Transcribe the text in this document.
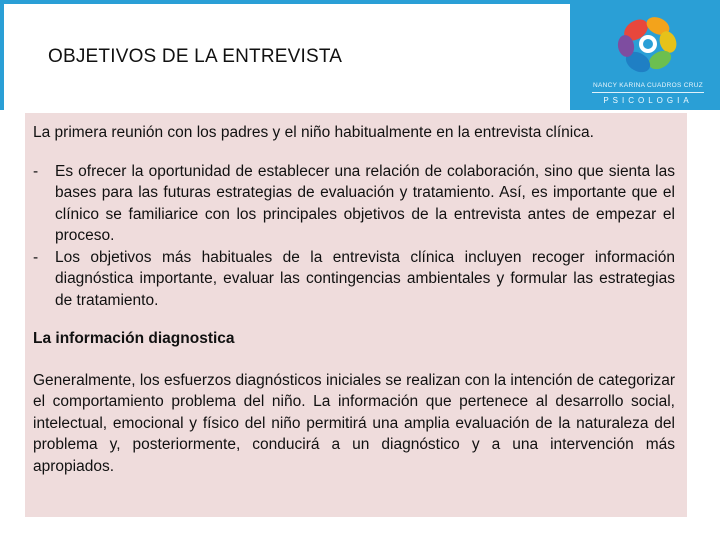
OBJETIVOS DE LA ENTREVISTA
NANCY KARINA CUADROS CRUZ
PSICOLOGIA

La primera reunión con los padres y el niño habitualmente en la entrevista clínica.

- Es ofrecer la oportunidad de establecer una relación de colaboración, sino que sienta las bases para las futuras estrategias de evaluación y tratamiento. Así, es importante que el clínico se familiarice con los principales objetivos de la entrevista antes de empezar el proceso.
- Los objetivos más habituales de la entrevista clínica incluyen recoger información diagnóstica importante, evaluar las contingencias ambientales y formular las estrategias de tratamiento.

La información diagnostica

Generalmente, los esfuerzos diagnósticos iniciales se realizan con la intención de categorizar el comportamiento problema del niño. La información que pertenece al desarrollo social, intelectual, emocional y físico del niño permitirá una amplia evaluación de la naturaleza del problema y, posteriormente, conducirá a un diagnóstico y a una intervención más apropiados.
